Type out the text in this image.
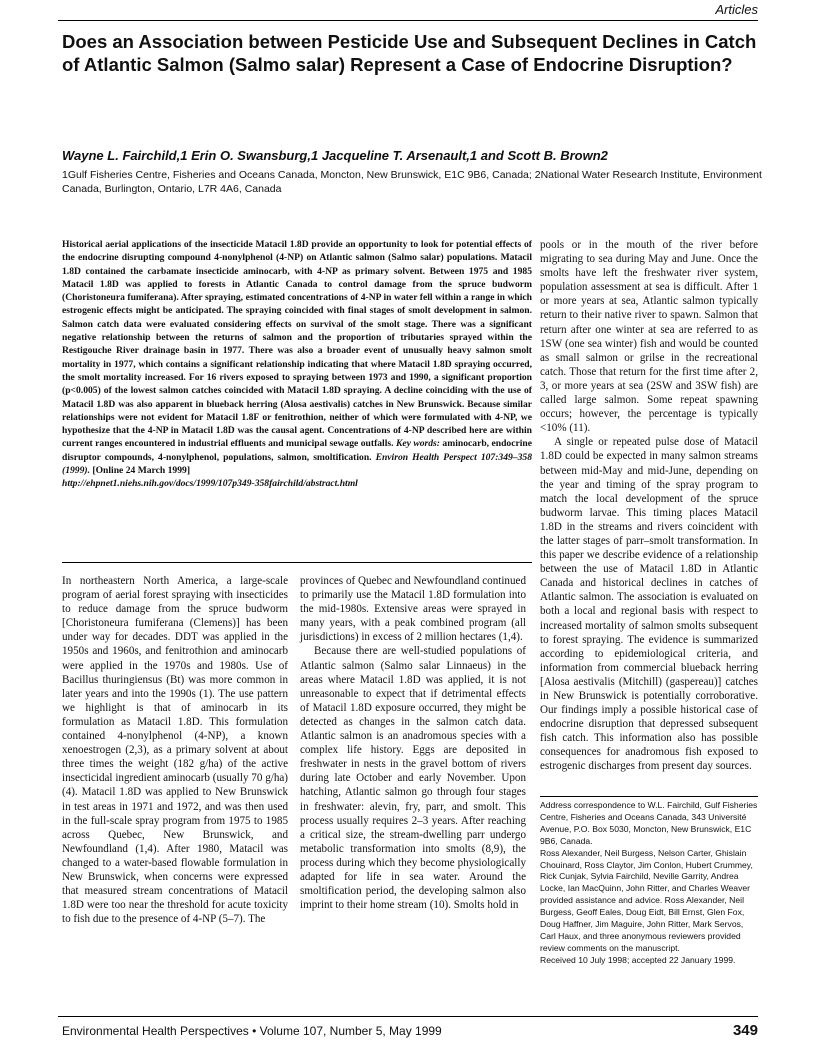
Articles
Does an Association between Pesticide Use and Subsequent Declines in Catch of Atlantic Salmon (Salmo salar) Represent a Case of Endocrine Disruption?
Wayne L. Fairchild,1 Erin O. Swansburg,1 Jacqueline T. Arsenault,1 and Scott B. Brown2
1Gulf Fisheries Centre, Fisheries and Oceans Canada, Moncton, New Brunswick, E1C 9B6, Canada; 2National Water Research Institute, Environment Canada, Burlington, Ontario, L7R 4A6, Canada

Historical aerial applications of the insecticide Matacil 1.8D provide an opportunity to look for potential effects of the endocrine disrupting compound 4-nonylphenol (4-NP) on Atlantic salmon (Salmo salar) populations. Matacil 1.8D contained the carbamate insecticide aminocarb, with 4-NP as primary solvent. Between 1975 and 1985 Matacil 1.8D was applied to forests in Atlantic Canada to control damage from the spruce budworm (Choristoneura fumiferana). After spraying, estimated concentrations of 4-NP in water fell within a range in which estrogenic effects might be anticipated. The spraying coincided with final stages of smolt development in salmon. Salmon catch data were evaluated considering effects on survival of the smolt stage. There was a significant negative relationship between the returns of salmon and the proportion of tributaries sprayed within the Restigouche River drainage basin in 1977. There was also a broader event of unusually heavy salmon smolt mortality in 1977, which contains a significant relationship indicating that where Matacil 1.8D spraying occurred, the smolt mortality increased. For 16 rivers exposed to spraying between 1973 and 1990, a significant proportion (p<0.005) of the lowest salmon catches coincided with Matacil 1.8D spraying. A decline coinciding with the use of Matacil 1.8D was also apparent in blueback herring (Alosa aestivalis) catches in New Brunswick. Because similar relationships were not evident for Matacil 1.8F or fenitrothion, neither of which were formulated with 4-NP, we hypothesize that the 4-NP in Matacil 1.8D was the causal agent. Concentrations of 4-NP described here are within current ranges encountered in industrial effluents and municipal sewage outfalls. Key words: aminocarb, endocrine disruptor compounds, 4-nonylphenol, populations, salmon, smoltification. Environ Health Perspect 107:349–358 (1999). [Online 24 March 1999]

http://ehpnet1.niehs.nih.gov/docs/1999/107p349-358fairchild/abstract.html

In northeastern North America, a large-scale program of aerial forest spraying with insecticides to reduce damage from the spruce budworm [Choristoneura fumiferana (Clemens)] has been under way for decades. DDT was applied in the 1950s and 1960s, and fenitrothion and aminocarb were applied in the 1970s and 1980s. Use of Bacillus thuringiensus (Bt) was more common in later years and into the 1990s (1). The use pattern we highlight is that of aminocarb in its formulation as Matacil 1.8D. This formulation contained 4-nonylphenol (4-NP), a known xenoestrogen (2,3), as a primary solvent at about three times the weight (182 g/ha) of the active insecticidal ingredient aminocarb (usually 70 g/ha) (4). Matacil 1.8D was applied to New Brunswick in test areas in 1971 and 1972, and was then used in the full-scale spray program from 1975 to 1985 across Quebec, New Brunswick, and Newfoundland (1,4). After 1980, Matacil was changed to a water-based flowable formulation in New Brunswick, when concerns were expressed that measured stream concentrations of Matacil 1.8D were too near the threshold for acute toxicity to fish due to the presence of 4-NP (5–7). The

provinces of Quebec and Newfoundland continued to primarily use the Matacil 1.8D formulation into the mid-1980s. Extensive areas were sprayed in many years, with a peak combined program (all jurisdictions) in excess of 2 million hectares (1,4).

Because there are well-studied populations of Atlantic salmon (Salmo salar Linnaeus) in the areas where Matacil 1.8D was applied, it is not unreasonable to expect that if detrimental effects of Matacil 1.8D exposure occurred, they might be detected as changes in the salmon catch data. Atlantic salmon is an anadromous species with a complex life history. Eggs are deposited in freshwater in nests in the gravel bottom of rivers during late October and early November. Upon hatching, Atlantic salmon go through four stages in freshwater: alevin, fry, parr, and smolt. This process usually requires 2–3 years. After reaching a critical size, the stream-dwelling parr undergo metabolic transformation into smolts (8,9), the process during which they become physiologically adapted for life in sea water. Around the smoltification period, the developing salmon also imprint to their home stream (10). Smolts hold in

pools or in the mouth of the river before migrating to sea during May and June. Once the smolts have left the freshwater river system, population assessment at sea is difficult. After 1 or more years at sea, Atlantic salmon typically return to their native river to spawn. Salmon that return after one winter at sea are referred to as 1SW (one sea winter) fish and would be counted as small salmon or grilse in the recreational catch. Those that return for the first time after 2, 3, or more years at sea (2SW and 3SW fish) are called large salmon. Some repeat spawning occurs; however, the percentage is typically <10% (11).

A single or repeated pulse dose of Matacil 1.8D could be expected in many salmon streams between mid-May and mid-June, depending on the year and timing of the spray program to match the local development of the spruce budworm larvae. This timing places Matacil 1.8D in the streams and rivers coincident with the latter stages of parr–smolt transformation. In this paper we describe evidence of a relationship between the use of Matacil 1.8D in Atlantic Canada and historical declines in catches of Atlantic salmon. The association is evaluated on both a local and regional basis with respect to increased mortality of salmon smolts subsequent to forest spraying. The evidence is summarized according to epidemiological criteria, and information from commercial blueback herring [Alosa aestivalis (Mitchill) (gaspereau)] catches in New Brunswick is potentially corroborative. Our findings imply a possible historical case of endocrine disruption that depressed subsequent fish catch. This information also has possible consequences for anadromous fish exposed to estrogenic discharges from present day sources.

Address correspondence to W.L. Fairchild, Gulf Fisheries Centre, Fisheries and Oceans Canada, 343 Université Avenue, P.O. Box 5030, Moncton, New Brunswick, E1C 9B6, Canada.

Ross Alexander, Neil Burgess, Nelson Carter, Ghislain Chouinard, Ross Claytor, Jim Conlon, Hubert Crummey, Rick Cunjak, Sylvia Fairchild, Neville Garrity, Andrea Locke, Ian MacQuinn, John Ritter, and Charles Weaver provided assistance and advice. Ross Alexander, Neil Burgess, Geoff Eales, Doug Eidt, Bill Ernst, Glen Fox, Doug Haffner, Jim Maguire, John Ritter, Mark Servos, Carl Haux, and three anonymous reviewers provided review comments on the manuscript.

Received 10 July 1998; accepted 22 January 1999.

Environmental Health Perspectives • Volume 107, Number 5, May 1999	349
